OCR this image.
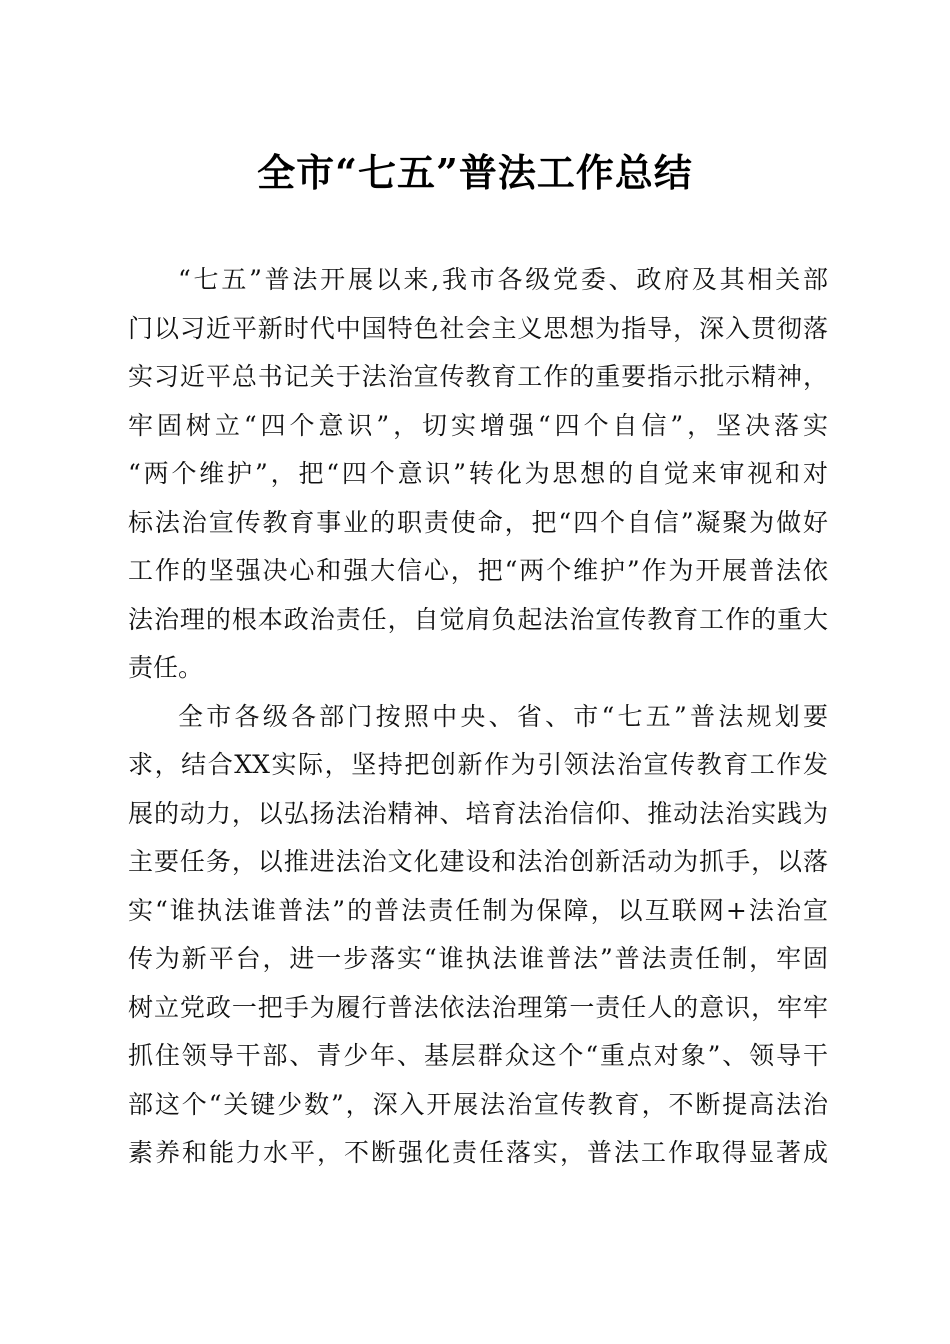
全市“七五”普法工作总结
“七五”普法开展以来,我市各级党委、政府及其相关部
门以习近平新时代中国特色社会主义思想为指导，深入贯彻落
实习近平总书记关于法治宣传教育工作的重要指示批示精神，
牢固树立“四个意识”，切实增强“四个自信”，坚决落实
“两个维护”，把“四个意识”转化为思想的自觉来审视和对
标法治宣传教育事业的职责使命，把“四个自信”凝聚为做好
工作的坚强决心和强大信心，把“两个维护”作为开展普法依
法治理的根本政治责任，自觉肩负起法治宣传教育工作的重大
责任。
全市各级各部门按照中央、省、市“七五”普法规划要
求，结合XX实际，坚持把创新作为引领法治宣传教育工作发
展的动力，以弘扬法治精神、培育法治信仰、推动法治实践为
主要任务，以推进法治文化建设和法治创新活动为抓手，以落
实“谁执法谁普法”的普法责任制为保障，以互联网+法治宣
传为新平台，进一步落实“谁执法谁普法”普法责任制，牢固
树立党政一把手为履行普法依法治理第一责任人的意识，牢牢
抓住领导干部、青少年、基层群众这个“重点对象”、领导干
部这个“关键少数”，深入开展法治宣传教育，不断提高法治
素养和能力水平，不断强化责任落实，普法工作取得显著成
